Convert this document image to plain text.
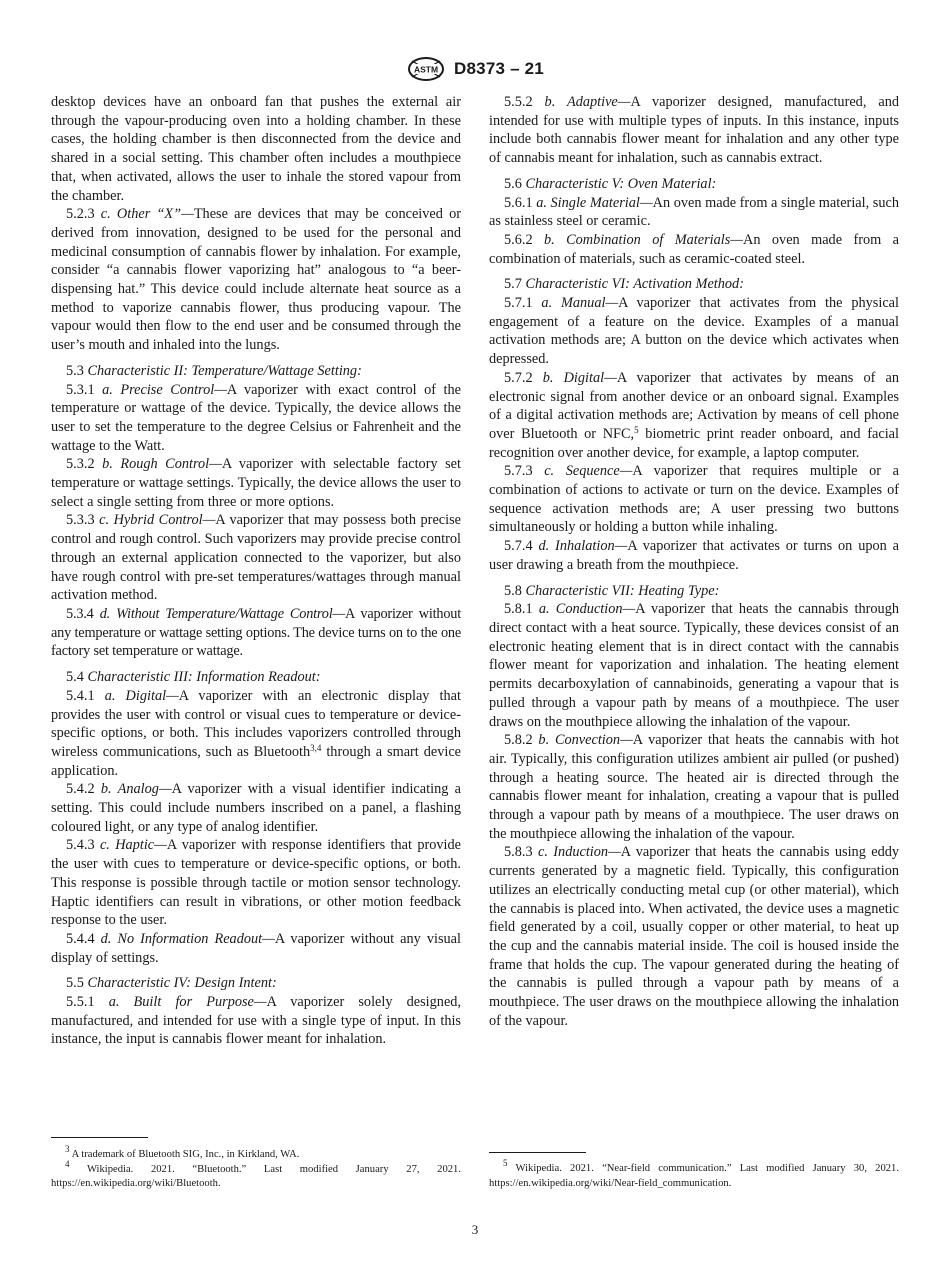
ASTM D8373 – 21

desktop devices have an onboard fan that pushes the external air through the vapour-producing oven into a holding chamber. In these cases, the holding chamber is then disconnected from the device and shared in a social setting. This chamber often includes a mouthpiece that, when activated, allows the user to inhale the stored vapour from the chamber.

5.2.3 c. Other “X”—These are devices that may be conceived or derived from innovation, designed to be used for the personal and medicinal consumption of cannabis flower by inhalation. For example, consider “a cannabis flower vaporizing hat” analogous to “a beer-dispensing hat.” This device could include alternate heat source as a method to vaporize cannabis flower, thus producing vapour. The vapour would then flow to the end user and be consumed through the user’s mouth and inhaled into the lungs.

5.3 Characteristic II: Temperature/Wattage Setting:

5.3.1 a. Precise Control—A vaporizer with exact control of the temperature or wattage of the device. Typically, the device allows the user to set the temperature to the degree Celsius or Fahrenheit and the wattage to the Watt.

5.3.2 b. Rough Control—A vaporizer with selectable factory set temperature or wattage settings. Typically, the device allows the user to select a single setting from three or more options.

5.3.3 c. Hybrid Control—A vaporizer that may possess both precise control and rough control. Such vaporizers may provide precise control through an external application connected to the vaporizer, but also have rough control with pre-set temperatures/wattages through manual activation method.

5.3.4 d. Without Temperature/Wattage Control—A vaporizer without any temperature or wattage setting options. The device turns on to the one factory set temperature or wattage.

5.4 Characteristic III: Information Readout:

5.4.1 a. Digital—A vaporizer with an electronic display that provides the user with control or visual cues to temperature or device-specific options, or both. This includes vaporizers controlled through wireless communications, such as Bluetooth$^{3,4}$ through a smart device application.

5.4.2 b. Analog—A vaporizer with a visual identifier indicating a setting. This could include numbers inscribed on a panel, a flashing coloured light, or any type of analog identifier.

5.4.3 c. Haptic—A vaporizer with response identifiers that provide the user with cues to temperature or device-specific options, or both. This response is possible through tactile or motion sensor technology. Haptic identifiers can result in vibrations, or other motion feedback response to the user.

5.4.4 d. No Information Readout—A vaporizer without any visual display of settings.

5.5 Characteristic IV: Design Intent:

5.5.1 a. Built for Purpose—A vaporizer solely designed, manufactured, and intended for use with a single type of input. In this instance, the input is cannabis flower meant for inhalation.

5.5.2 b. Adaptive—A vaporizer designed, manufactured, and intended for use with multiple types of inputs. In this instance, inputs include both cannabis flower meant for inhalation and any other type of cannabis meant for inhalation, such as cannabis extract.

5.6 Characteristic V: Oven Material:

5.6.1 a. Single Material—An oven made from a single material, such as stainless steel or ceramic.

5.6.2 b. Combination of Materials—An oven made from a combination of materials, such as ceramic-coated steel.

5.7 Characteristic VI: Activation Method:

5.7.1 a. Manual—A vaporizer that activates from the physical engagement of a feature on the device. Examples of a manual activation methods are; A button on the device which activates when depressed.

5.7.2 b. Digital—A vaporizer that activates by means of an electronic signal from another device or an onboard signal. Examples of a digital activation methods are; Activation by means of cell phone over Bluetooth or NFC,$^5$ biometric print reader onboard, and facial recognition over another device, for example, a laptop computer.

5.7.3 c. Sequence—A vaporizer that requires multiple or a combination of actions to activate or turn on the device. Examples of sequence activation methods are; A user pressing two buttons simultaneously or holding a button while inhaling.

5.7.4 d. Inhalation—A vaporizer that activates or turns on upon a user drawing a breath from the mouthpiece.

5.8 Characteristic VII: Heating Type:

5.8.1 a. Conduction—A vaporizer that heats the cannabis through direct contact with a heat source. Typically, these devices consist of an electronic heating element that is in direct contact with the cannabis flower meant for vaporization and inhalation. The heating element permits decarboxylation of cannabinoids, generating a vapour that is pulled through a vapour path by means of a mouthpiece. The user draws on the mouthpiece allowing the inhalation of the vapour.

5.8.2 b. Convection—A vaporizer that heats the cannabis with hot air. Typically, this configuration utilizes ambient air pulled (or pushed) through a heating source. The heated air is directed through the cannabis flower meant for inhalation, creating a vapour that is pulled through a vapour path by means of a mouthpiece. The user draws on the mouthpiece allowing the inhalation of the vapour.

5.8.3 c. Induction—A vaporizer that heats the cannabis using eddy currents generated by a magnetic field. Typically, this configuration utilizes an electrically conducting metal cup (or other material), which the cannabis is placed into. When activated, the device uses a magnetic field generated by a coil, usually copper or other material, to heat up the cup and the cannabis material inside. The coil is housed inside the frame that holds the cup. The vapour generated during the heating of the cannabis is pulled through a vapour path by means of a mouthpiece. The user draws on the mouthpiece allowing the inhalation of the vapour.

$^3$ A trademark of Bluetooth SIG, Inc., in Kirkland, WA.

$^4$ Wikipedia. 2021. “Bluetooth.” Last modified January 27, 2021. https://en.wikipedia.org/wiki/Bluetooth.

$^5$ Wikipedia. 2021. “Near-field communication.” Last modified January 30, 2021. https://en.wikipedia.org/wiki/Near-field_communication.

3
